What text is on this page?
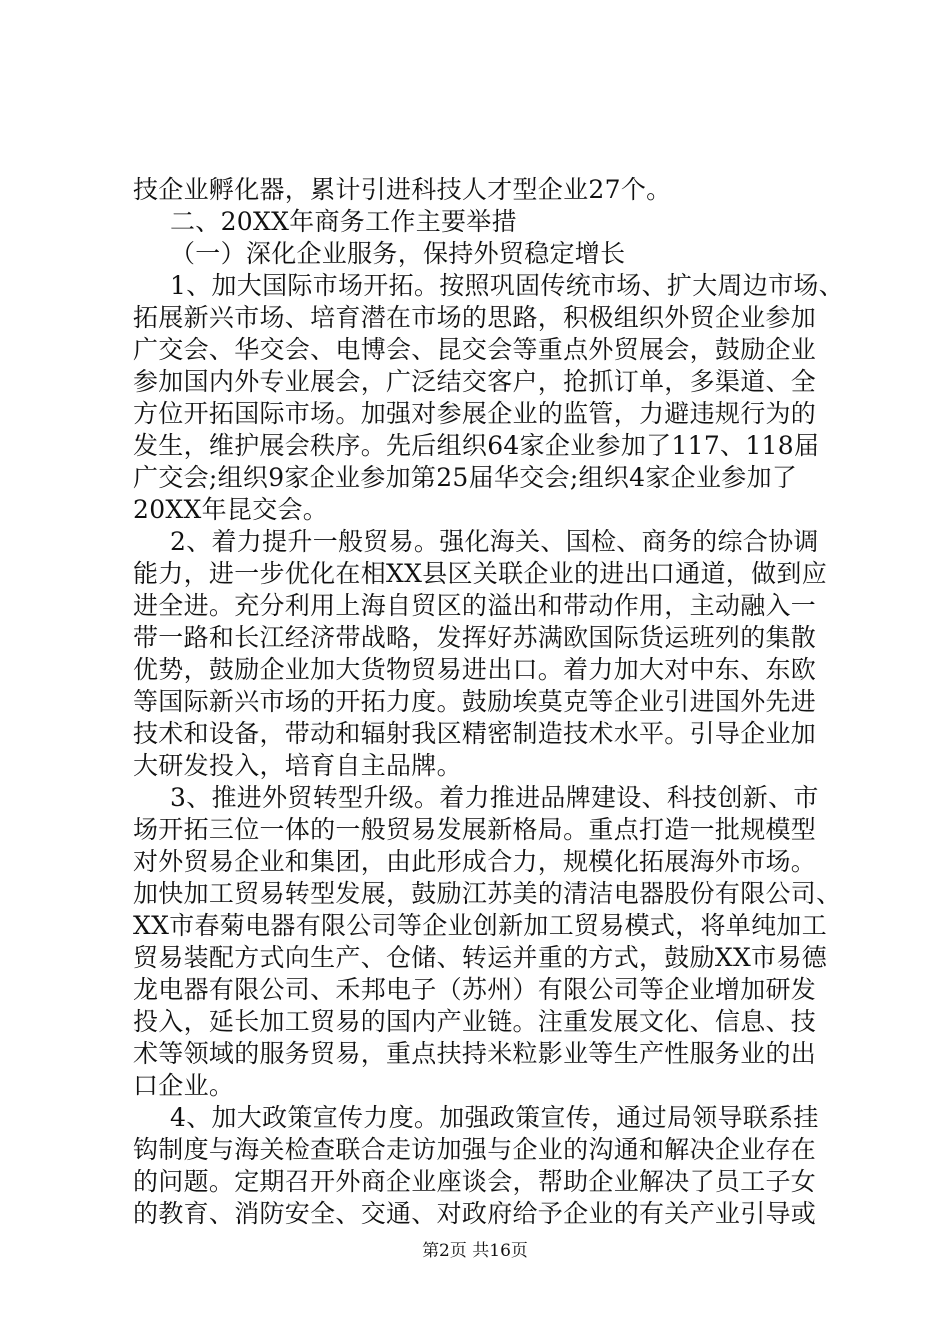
技企业孵化器，累计引进科技人才型企业27个。
二、20XX年商务工作主要举措
（一）深化企业服务，保持外贸稳定增长
1、加大国际市场开拓。按照巩固传统市场、扩大周边市场、
拓展新兴市场、培育潜在市场的思路，积极组织外贸企业参加
广交会、华交会、电博会、昆交会等重点外贸展会，鼓励企业
参加国内外专业展会，广泛结交客户，抢抓订单，多渠道、全
方位开拓国际市场。加强对参展企业的监管，力避违规行为的
发生，维护展会秩序。先后组织64家企业参加了117、118届
广交会;组织9家企业参加第25届华交会;组织4家企业参加了
20XX年昆交会。
2、着力提升一般贸易。强化海关、国检、商务的综合协调
能力，进一步优化在相XX县区关联企业的进出口通道，做到应
进全进。充分利用上海自贸区的溢出和带动作用，主动融入一
带一路和长江经济带战略，发挥好苏满欧国际货运班列的集散
优势，鼓励企业加大货物贸易进出口。着力加大对中东、东欧
等国际新兴市场的开拓力度。鼓励埃莫克等企业引进国外先进
技术和设备，带动和辐射我区精密制造技术水平。引导企业加
大研发投入，培育自主品牌。
3、推进外贸转型升级。着力推进品牌建设、科技创新、市
场开拓三位一体的一般贸易发展新格局。重点打造一批规模型
对外贸易企业和集团，由此形成合力，规模化拓展海外市场。
加快加工贸易转型发展，鼓励江苏美的清洁电器股份有限公司、
XX市春菊电器有限公司等企业创新加工贸易模式，将单纯加工
贸易装配方式向生产、仓储、转运并重的方式，鼓励XX市易德
龙电器有限公司、禾邦电子（苏州）有限公司等企业增加研发
投入，延长加工贸易的国内产业链。注重发展文化、信息、技
术等领域的服务贸易，重点扶持米粒影业等生产性服务业的出
口企业。
4、加大政策宣传力度。加强政策宣传，通过局领导联系挂
钩制度与海关检查联合走访加强与企业的沟通和解决企业存在
的问题。定期召开外商企业座谈会，帮助企业解决了员工子女
第2页 共16页
的教育、消防安全、交通、对政府给予企业的有关产业引导或
